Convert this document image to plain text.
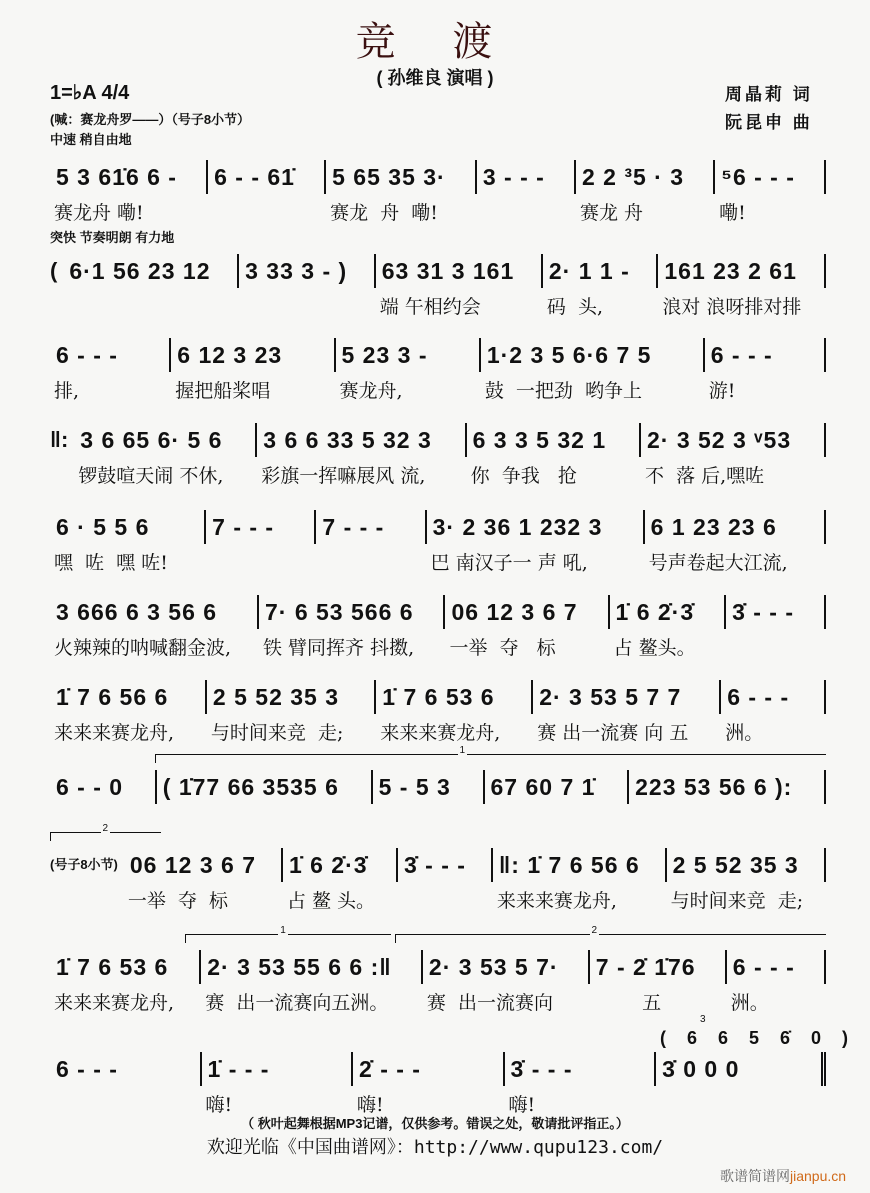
竞 渡
( 孙维良 演唱 )
1=♭A 4/4
(喊：赛龙舟罗——）（号子8小节）
中速 稍自由地
突快 节奏明朗 有力地
周晶莉 词
阮昆申 曲
5 3 61̇6 6 -
赛龙舟 嘞!
6 - - 61̇	5 65 35 3·
赛龙  舟  嘞!
3 - - -	2 2 ³5 · 3
赛龙 舟
⁵6 - - -
嘞!
( 6·1 56 23 12	3 33 3 - )	63 31 3 161
端 午相约会
2· 1 1 -
码  头,
161 23 2 61
浪对 浪呀排对排
6 - - -
排,
6 12 3 23
握把船桨唱
5 23 3 -
赛龙舟,
1·2 3 5 6·6 7 5
鼓  一把劲  哟争上
6 - - -
游!
‖: 3 6 65 6· 5 6
锣鼓喧天闹 不休,
3 6 6 33 5 32 3
彩旗一挥嘛展风 流,
6 3 3 5 32 1
你  争我   抢
2· 3 52 3 ᵛ53
不  落 后,嘿咗
6 · 5 5 6
嘿  咗  嘿 咗!
7 - - -	7 - - -	3· 2 36 1 232 3
巴 南汉子一 声 吼,
6 1 23 23 6
号声卷起大江流,
3 666 6 3 56 6
火辣辣的呐喊翻金波,
7· 6 53 566 6
铁 臂同挥齐 抖擞,
06 12 3 6 7
一举  夺   标
1̇ 6 2̇·3̇
占 鳌头。
3̇ - - -
1̇ 7 6 56 6
来来来赛龙舟,
2 5 52 35 3
与时间来竞  走;
1̇ 7 6 53 6
来来来赛龙舟,
2· 3 53 5 7 7
赛 出一流赛 向 五
6 - - -
洲。
6 - - 0	( 1̇77 66 3535 6	5 - 5 3	67 60 7 1̇	223 53 56 6 ):
1
(号子8小节) 06 12 3 6 7
一举  夺  标
1̇ 6 2̇·3̇
占 鳌 头。
3̇ - - -	‖: 1̇ 7 6 56 6
来来来赛龙舟,
2 5 52 35 3
与时间来竞  走;
2
1̇ 7 6 53 6
来来来赛龙舟,
2· 3 53 55 6 6 :‖
赛  出一流赛向五洲。
2· 3 53 5 7·
赛  出一流赛向
7 - 2̇ 1̇76
五
6 - - -
洲。
1	2
6 - - -	1̇ - - -
嗨!
2̇ - - -
嗨!
3̇ - - -
嗨!
3̇ 0 0 0
3
( 6 6 5 6̇ 0 )
（ 秋叶起舞根据MP3记谱，仅供参考。错误之处，敬请批评指正。）
欢迎光临《中国曲谱网》：http://www.qupu123.com/
歌谱简谱网jianpu.cn
